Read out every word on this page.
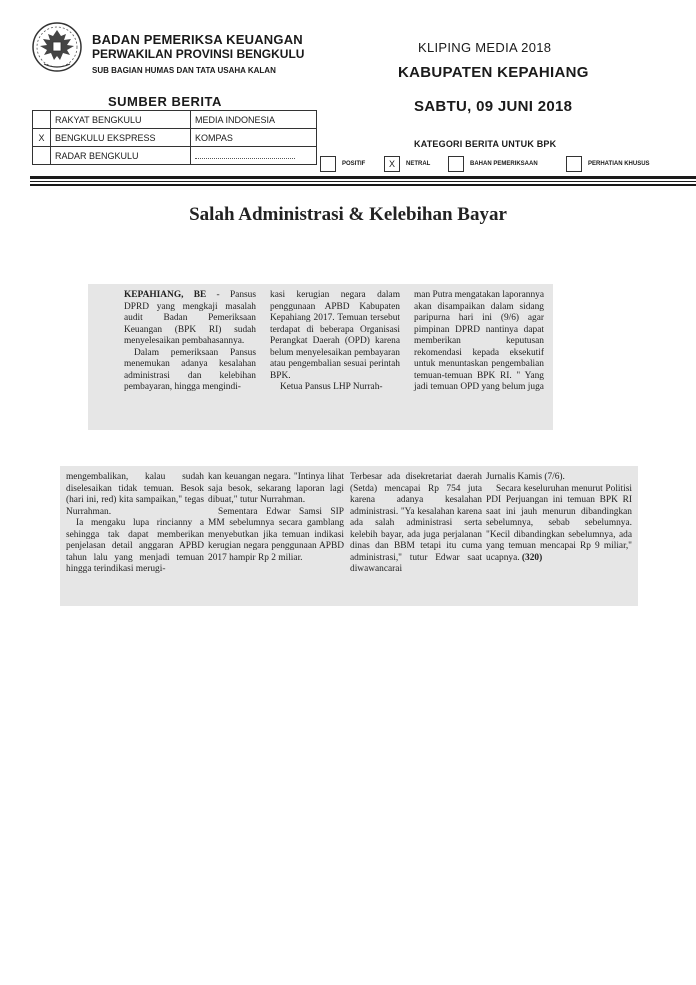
BADAN PEMERIKSA KEUANGAN
PERWAKILAN PROVINSI BENGKULU
SUB BAGIAN HUMAS DAN TATA USAHA KALAN
KLIPING MEDIA 2018
KABUPATEN KEPAHIANG
SABTU, 09 JUNI 2018
SUMBER BERITA
	RAKYAT BENGKULU	MEDIA INDONESIA
X	BENGKULU EKSPRESS	KOMPAS
	RADAR BENGKULU	
KATEGORI BERITA UNTUK BPK
POSITIF	X	NETRAL	BAHAN PEMERIKSAAN	PERHATIAN KHUSUS
Salah Administrasi & Kelebihan Bayar

KEPAHIANG, BE - Pansus DPRD yang mengkaji masalah audit Badan Pemeriksaan Keuangan (BPK RI) sudah menyelesaikan pembahasannya.

Dalam pemeriksaan Pansus menemukan adanya kesalahan administrasi dan kelebihan pembayaran, hingga mengindi-

kasi kerugian negara dalam penggunaan APBD Kabupaten Kepahiang 2017. Temuan tersebut terdapat di beberapa Organisasi Perangkat Daerah (OPD) karena belum menyelesaikan pembayaran atau pengembalian sesuai perintah BPK.

Ketua Pansus LHP Nurrah-

man Putra mengatakan laporannya akan disampaikan dalam sidang paripurna hari ini (9/6) agar pimpinan DPRD nantinya dapat memberikan keputusan rekomendasi kepada eksekutif untuk menuntaskan pengembalian temuan-temuan BPK RI. " Yang jadi temuan OPD yang belum juga

mengembalikan, kalau sudah diselesaikan tidak temuan. Besok (hari ini, red) kita sampaikan," tegas Nurrahman.

Ia mengaku lupa rincianny a sehingga tak dapat memberikan penjelasan detail anggaran APBD tahun lalu yang menjadi temuan hingga terindikasi merugi-

kan keuangan negara. "Intinya lihat saja besok, sekarang laporan lagi dibuat," tutur Nurrahman.

Sementara Edwar Samsi SIP MM sebelumnya secara gamblang menyebutkan jika temuan indikasi kerugian negara penggunaan APBD 2017 hampir Rp 2 miliar.

Terbesar ada disekretariat daerah (Setda) mencapai Rp 754 juta karena adanya kesalahan administrasi. "Ya kesalahan karena ada salah administrasi serta kelebih bayar, ada juga perjalanan dinas dan BBM tetapi itu cuma administrasi," tutur Edwar saat diwawancarai

Jurnalis Kamis (7/6).

Secara keseluruhan menurut Politisi PDI Perjuangan ini temuan BPK RI saat ini jauh menurun dibandingkan sebelumnya, sebab sebelumnya. "Kecil dibandingkan sebelumnya, ada yang temuan mencapai Rp 9 miliar," ucapnya. (320)
